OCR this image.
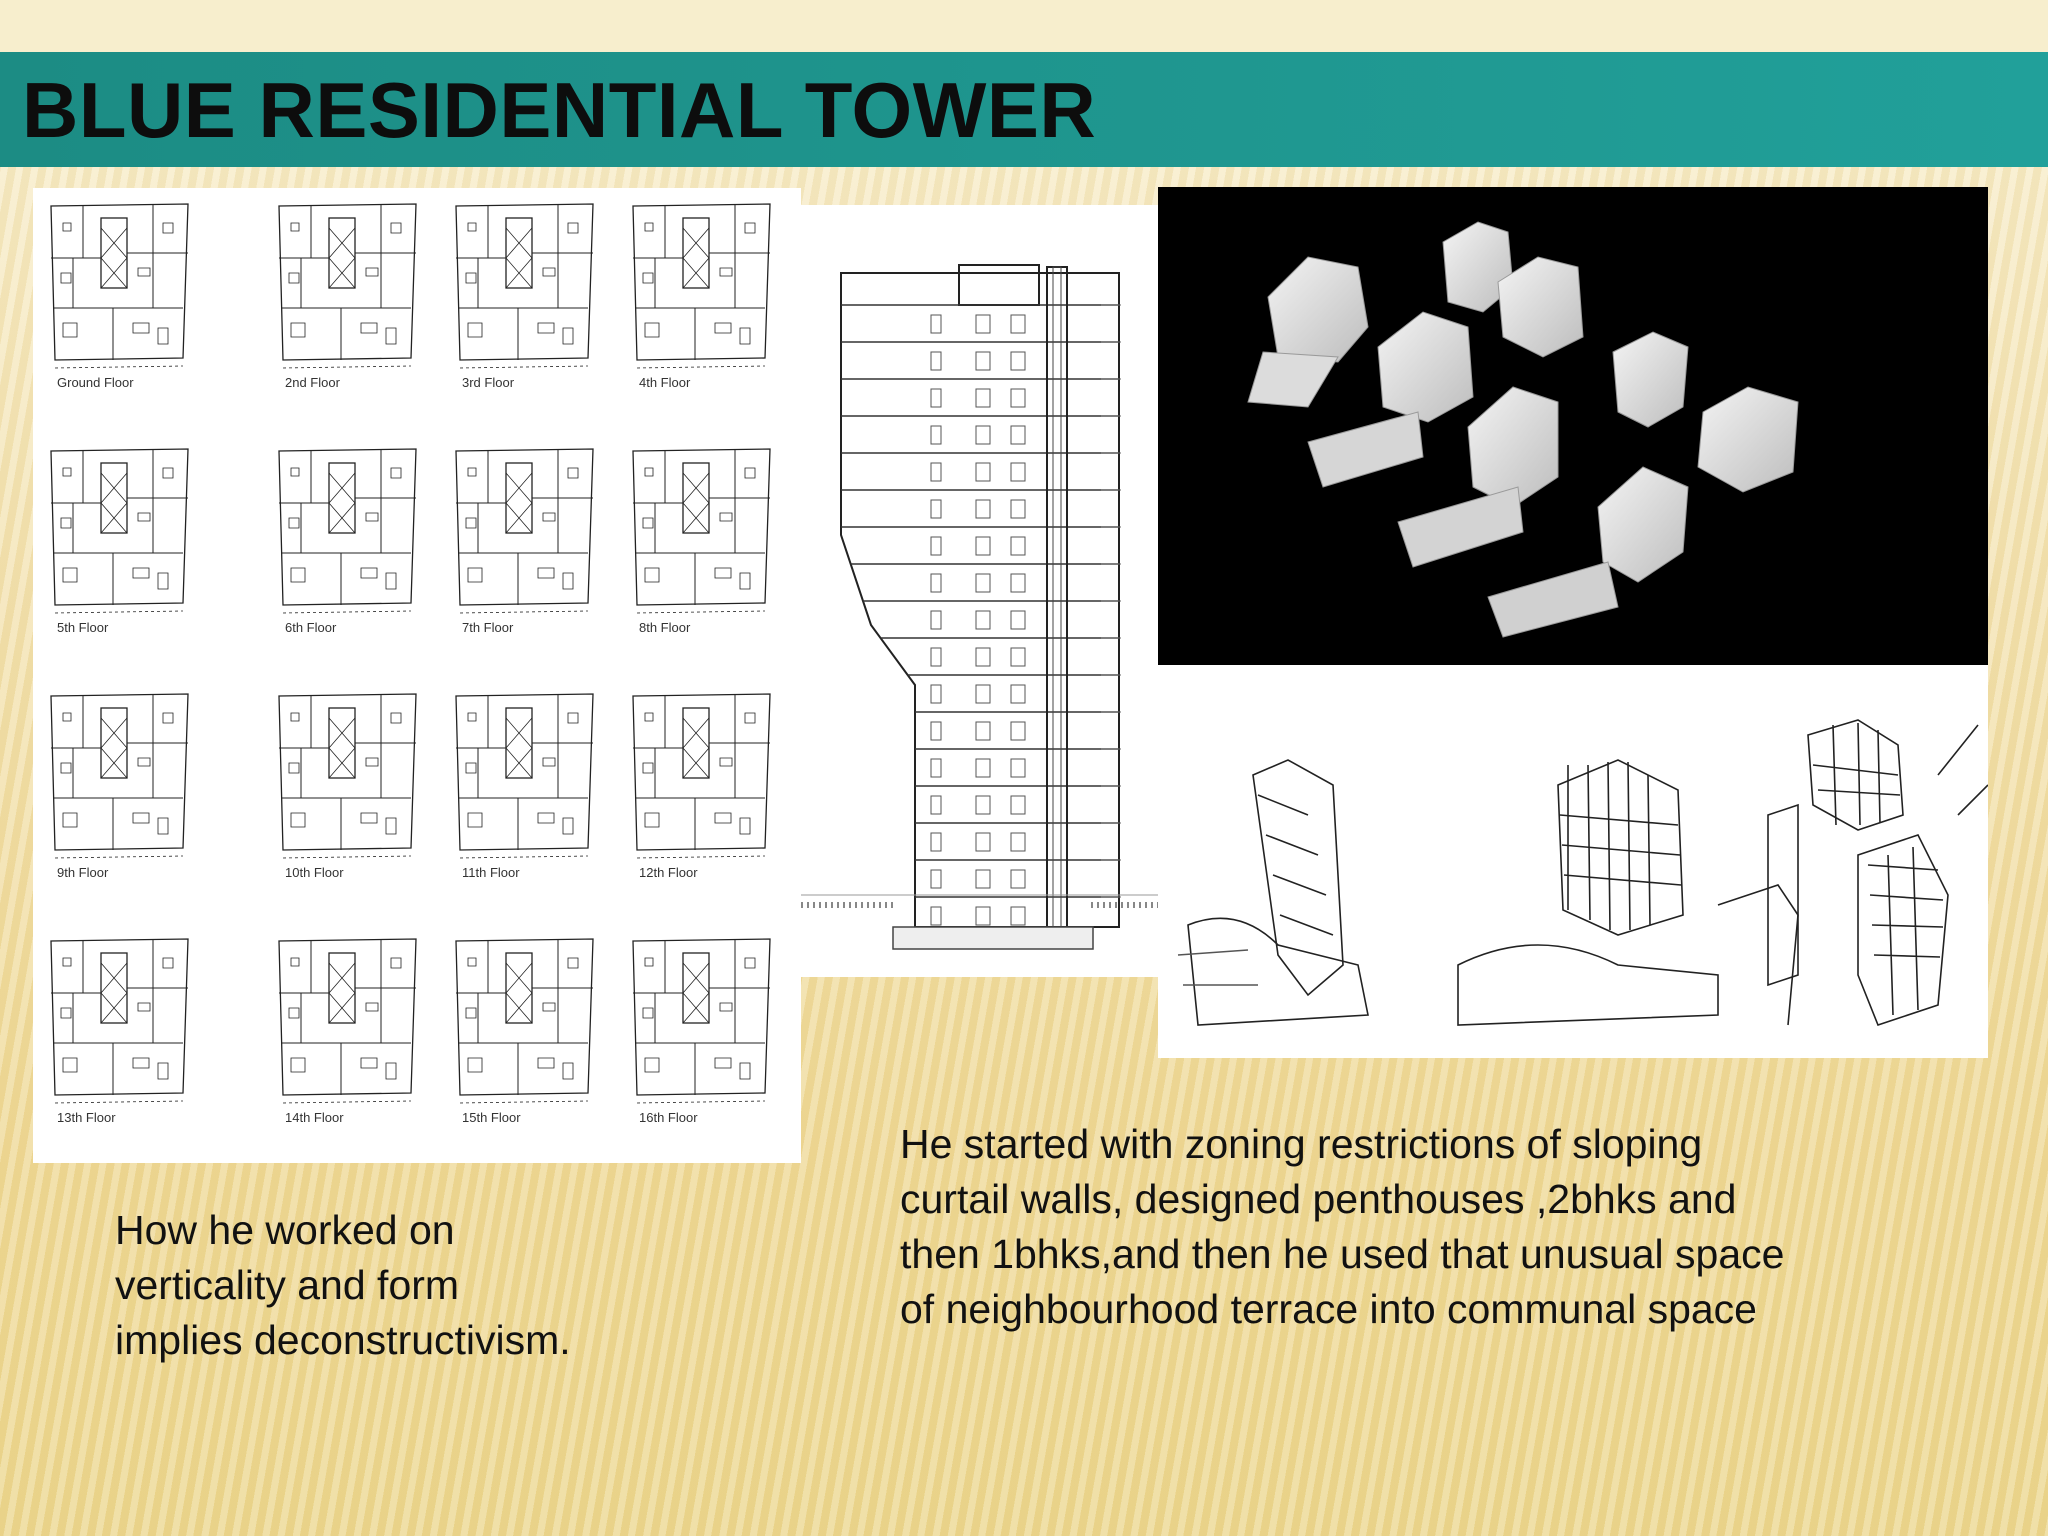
BLUE RESIDENTIAL TOWER
Ground Floor	2nd Floor	3rd Floor	4th Floor
5th Floor	6th Floor	7th Floor	8th Floor
9th Floor	10th Floor	11th Floor	12th Floor
13th Floor	14th Floor	15th Floor	16th Floor
How he worked on
verticality and form
implies deconstructivism.
He started with zoning restrictions of sloping
curtail walls, designed penthouses ,2bhks and
then 1bhks,and then he used that unusual space
of neighbourhood terrace into communal space
